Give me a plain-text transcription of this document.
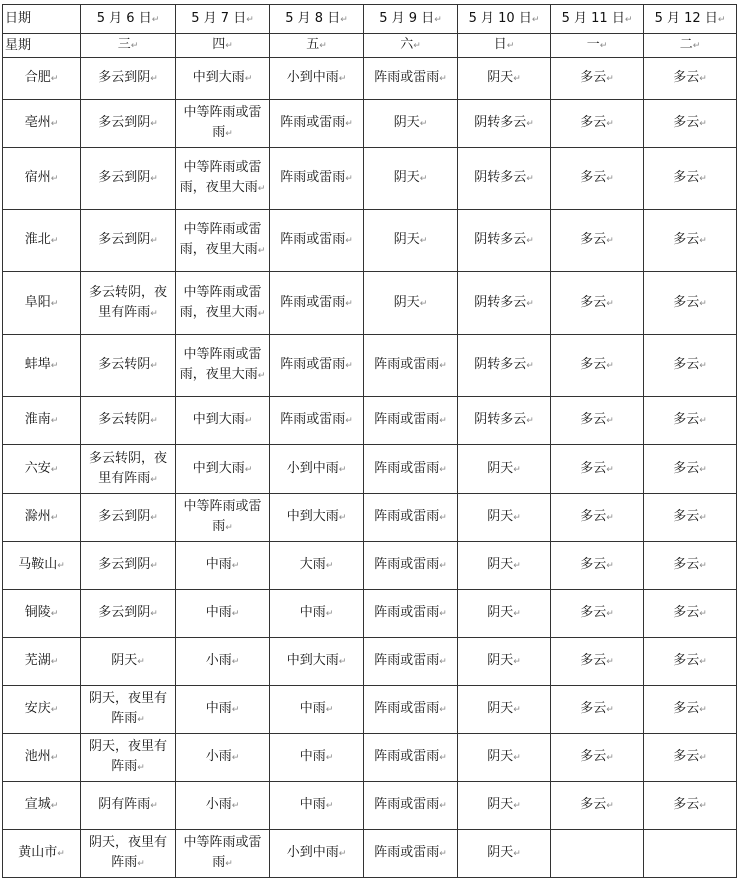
日期	5 月 6 日↵	5 月 7 日↵	5 月 8 日↵	5 月 9 日↵	5 月 10 日↵	5 月 11 日↵	5 月 12 日↵
星期	三↵	四↵	五↵	六↵	日↵	一↵	二↵
合肥↵	多云到阴↵	中到大雨↵	小到中雨↵	阵雨或雷雨↵	阴天↵	多云↵	多云↵
亳州↵	多云到阴↵	中等阵雨或雷雨↵	阵雨或雷雨↵	阴天↵	阴转多云↵	多云↵	多云↵
宿州↵	多云到阴↵	中等阵雨或雷雨，夜里大雨↵	阵雨或雷雨↵	阴天↵	阴转多云↵	多云↵	多云↵
淮北↵	多云到阴↵	中等阵雨或雷雨，夜里大雨↵	阵雨或雷雨↵	阴天↵	阴转多云↵	多云↵	多云↵
阜阳↵	多云转阴，夜里有阵雨↵	中等阵雨或雷雨，夜里大雨↵	阵雨或雷雨↵	阴天↵	阴转多云↵	多云↵	多云↵
蚌埠↵	多云转阴↵	中等阵雨或雷雨，夜里大雨↵	阵雨或雷雨↵	阵雨或雷雨↵	阴转多云↵	多云↵	多云↵
淮南↵	多云转阴↵	中到大雨↵	阵雨或雷雨↵	阵雨或雷雨↵	阴转多云↵	多云↵	多云↵
六安↵	多云转阴，夜里有阵雨↵	中到大雨↵	小到中雨↵	阵雨或雷雨↵	阴天↵	多云↵	多云↵
滁州↵	多云到阴↵	中等阵雨或雷雨↵	中到大雨↵	阵雨或雷雨↵	阴天↵	多云↵	多云↵
马鞍山↵	多云到阴↵	中雨↵	大雨↵	阵雨或雷雨↵	阴天↵	多云↵	多云↵
铜陵↵	多云到阴↵	中雨↵	中雨↵	阵雨或雷雨↵	阴天↵	多云↵	多云↵
芜湖↵	阴天↵	小雨↵	中到大雨↵	阵雨或雷雨↵	阴天↵	多云↵	多云↵
安庆↵	阴天，夜里有阵雨↵	中雨↵	中雨↵	阵雨或雷雨↵	阴天↵	多云↵	多云↵
池州↵	阴天，夜里有阵雨↵	小雨↵	中雨↵	阵雨或雷雨↵	阴天↵	多云↵	多云↵
宣城↵	阴有阵雨↵	小雨↵	中雨↵	阵雨或雷雨↵	阴天↵	多云↵	多云↵
黄山市↵	阴天，夜里有阵雨↵	中等阵雨或雷雨↵	小到中雨↵	阵雨或雷雨↵	阴天↵		
